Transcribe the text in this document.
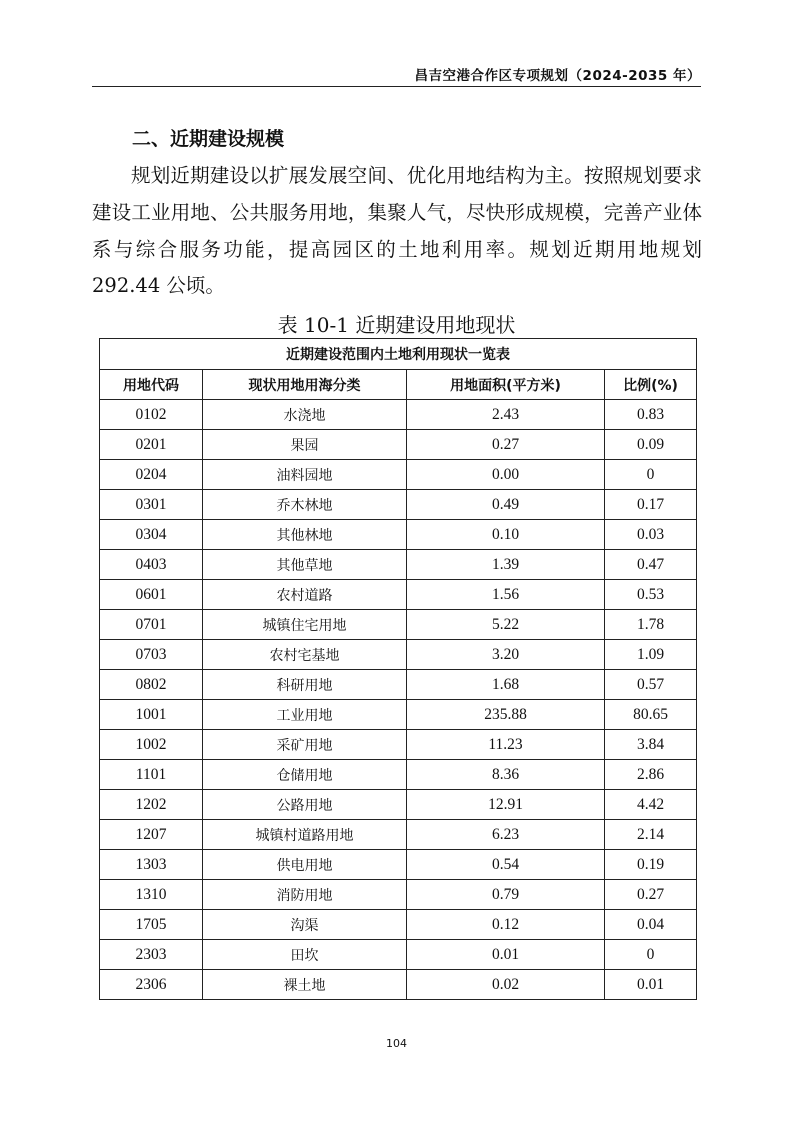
昌吉空港合作区专项规划（2024-2035 年）
二、近期建设规模
规划近期建设以扩展发展空间、优化用地结构为主。按照规划要求建设工业用地、公共服务用地，集聚人气，尽快形成规模，完善产业体系与综合服务功能，提高园区的土地利用率。规划近期用地规划 292.44 公顷。
表 10-1 近期建设用地现状
近期建设范围内土地利用现状一览表			
用地代码	现状用地用海分类	用地面积(平方米)	比例(%)
0102	水浇地	2.43	0.83
0201	果园	0.27	0.09
0204	油料园地	0.00	0
0301	乔木林地	0.49	0.17
0304	其他林地	0.10	0.03
0403	其他草地	1.39	0.47
0601	农村道路	1.56	0.53
0701	城镇住宅用地	5.22	1.78
0703	农村宅基地	3.20	1.09
0802	科研用地	1.68	0.57
1001	工业用地	235.88	80.65
1002	采矿用地	11.23	3.84
1101	仓储用地	8.36	2.86
1202	公路用地	12.91	4.42
1207	城镇村道路用地	6.23	2.14
1303	供电用地	0.54	0.19
1310	消防用地	0.79	0.27
1705	沟渠	0.12	0.04
2303	田坎	0.01	0
2306	裸土地	0.02	0.01
104
